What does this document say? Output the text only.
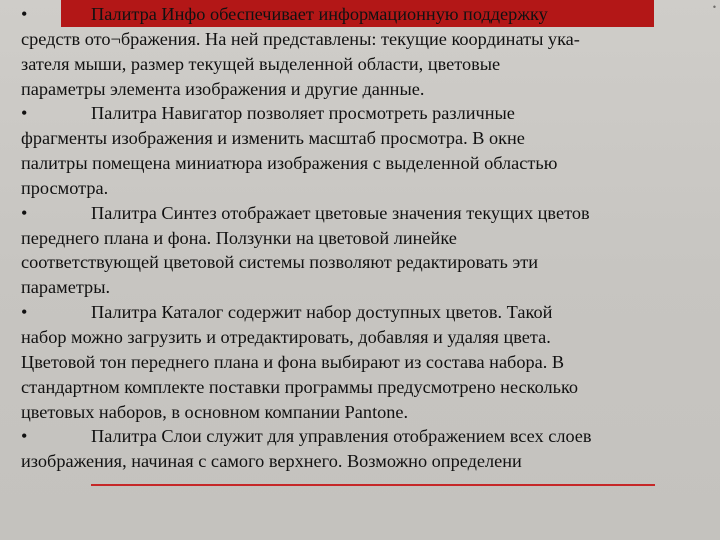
•
•	Палитра Инфо обеспечивает информационную поддержку
средств ото¬бражения. На ней представлены: текущие координаты ука-
зателя мыши, размер текущей выделенной области, цветовые
параметры элемента изображения и другие данные.
•	Палитра Навигатор позволяет просмотреть различные
фрагменты изображения и изменить масштаб просмотра. В окне
палитры помещена миниатюра изображения с выделенной областью
просмотра.
•	Палитра Синтез отображает цветовые значения текущих цветов
переднего плана и фона. Ползунки на цветовой линейке
соответствующей цветовой системы позволяют редактировать эти
параметры.
•	Палитра Каталог содержит набор доступных цветов. Такой
набор можно загрузить и отредактировать, добавляя и удаляя цвета.
Цветовой тон переднего плана и фона выбирают из состава набора. В
стандартном комплекте поставки программы предусмотрено несколько
цветовых наборов, в основном компании Pantone.
•	Палитра Слои служит для управления отображением всех слоев
изображения, начиная с самого верхнего. Возможно определени
